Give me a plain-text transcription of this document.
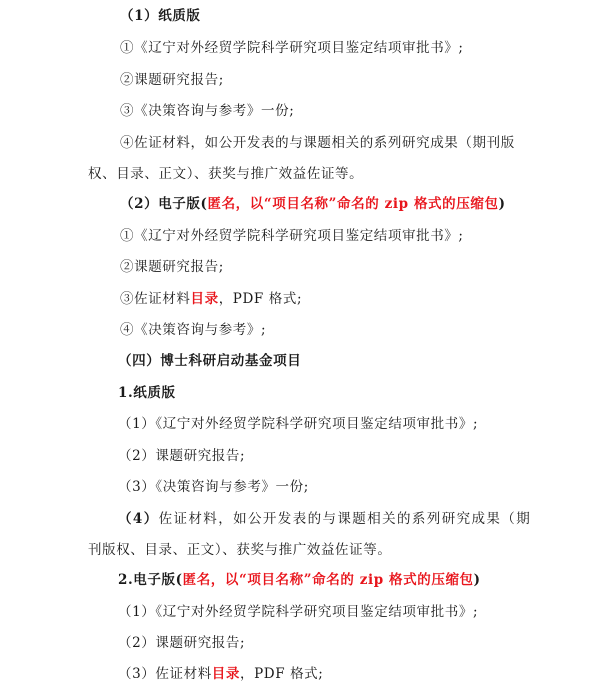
（1）纸质版
①《辽宁对外经贸学院科学研究项目鉴定结项审批书》;
②课题研究报告;
③《决策咨询与参考》一份;
④佐证材料，如公开发表的与课题相关的系列研究成果（期刊版
权、目录、正文）、获奖与推广效益佐证等。
（2）电子版(匿名，以“项目名称”命名的 zip 格式的压缩包)
①《辽宁对外经贸学院科学研究项目鉴定结项审批书》;
②课题研究报告;
③佐证材料目录，PDF 格式;
④《决策咨询与参考》;
（四）博士科研启动基金项目
1.纸质版
（1）《辽宁对外经贸学院科学研究项目鉴定结项审批书》;
（2）课题研究报告;
（3）《决策咨询与参考》一份;
（4）佐证材料，如公开发表的与课题相关的系列研究成果（期
刊版权、目录、正文）、获奖与推广效益佐证等。
2.电子版(匿名，以“项目名称”命名的 zip 格式的压缩包)
（1）《辽宁对外经贸学院科学研究项目鉴定结项审批书》;
（2）课题研究报告;
（3）佐证材料目录，PDF 格式;
